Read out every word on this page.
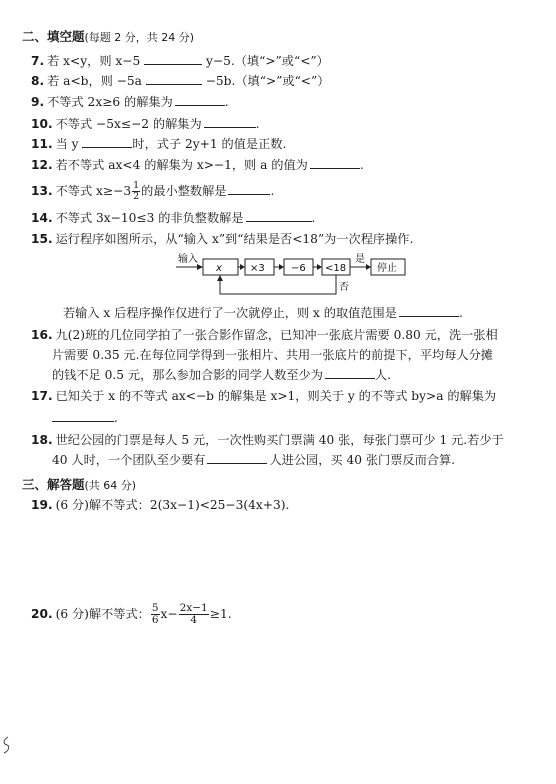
二、填空题(每题 2 分，共 24 分)
7. 若 x<y，则 x−5	y−5.（填“>”或“<”）
8. 若 a<b，则 −5a	−5b.（填“>”或“<”）
9. 不等式 2x≥6 的解集为	.
10. 不等式 −5x≤−2 的解集为	.
11. 当 y	时，式子 2y+1 的值是正数.
12. 若不等式 ax<4 的解集为 x>−1，则 a 的值为	.
13. 不等式 $x\ge-3 \frac{1}{2}$ 的最小整数解是	.
14. 不等式 3x−10≤3 的非负整数解是	.
15. 运行程序如图所示，从“输入 x”到“结果是否<18”为一次程序操作.
输入
x	×3	−6 <18
是
否
停止
若输入 x 后程序操作仅进行了一次就停止，则 x 的取值范围是	.
16. 九(2)班的几位同学拍了一张合影作留念，已知冲一张底片需要 0.80 元，洗一张相
片需要 0.35 元.在每位同学得到一张相片、共用一张底片的前提下，平均每人分摊
的钱不足 0.5 元，那么参加合影的同学人数至少为	人.
17. 已知关于 x 的不等式 ax<−b 的解集是 x>1，则关于 y 的不等式 by>a 的解集为
.
18. 世纪公园的门票是每人 5 元，一次性购买门票满 40 张，每张门票可少 1 元.若少于
40 人时，一个团队至少要有	人进公园，买 40 张门票反而合算.
三、解答题(共 64 分)
19. (6 分)解不等式：2(3x−1)<25−3(4x+3).
20. (6 分)解不等式： $\frac{5}{6} x- \frac{2x-1}{4} \ge 1$.
